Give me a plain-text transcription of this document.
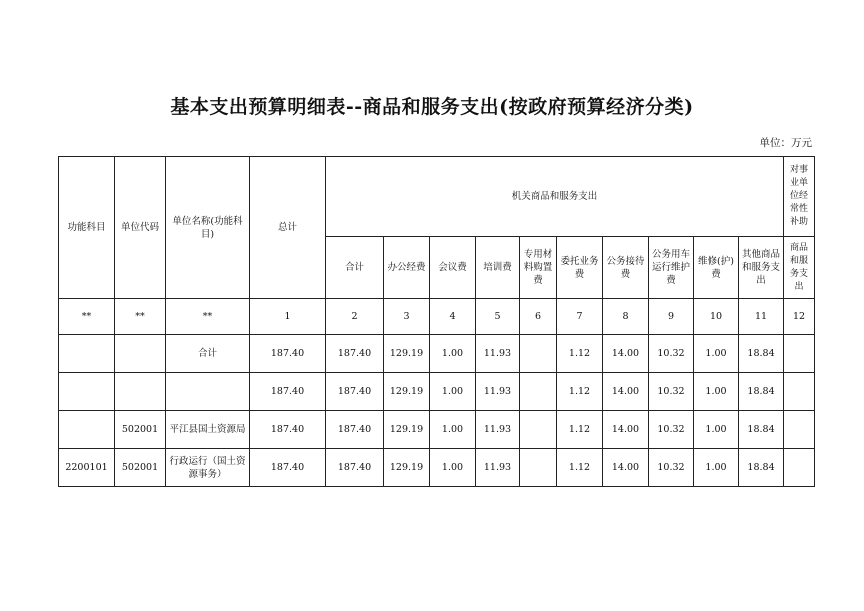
基本支出预算明细表--商品和服务支出(按政府预算经济分类)
单位：万元
功能科目	单位代码	单位名称(功能科目)	总计	机关商品和服务支出										对事业单位经常性补助
				合计	办公经费	会议费	培训费	专用材料购置费	委托业务费	公务接待费	公务用车运行维护费	维修(护)费	其他商品和服务支出	商品和服务支出
**	**	**	1	2	3	4	5	6	7	8	9	10	11	12
		合计	187.40	187.40	129.19	1.00	11.93		1.12	14.00	10.32	1.00	18.84	
			187.40	187.40	129.19	1.00	11.93		1.12	14.00	10.32	1.00	18.84	
	502001	平江县国土资源局	187.40	187.40	129.19	1.00	11.93		1.12	14.00	10.32	1.00	18.84	
2200101	502001	行政运行（国土资源事务）	187.40	187.40	129.19	1.00	11.93		1.12	14.00	10.32	1.00	18.84	
